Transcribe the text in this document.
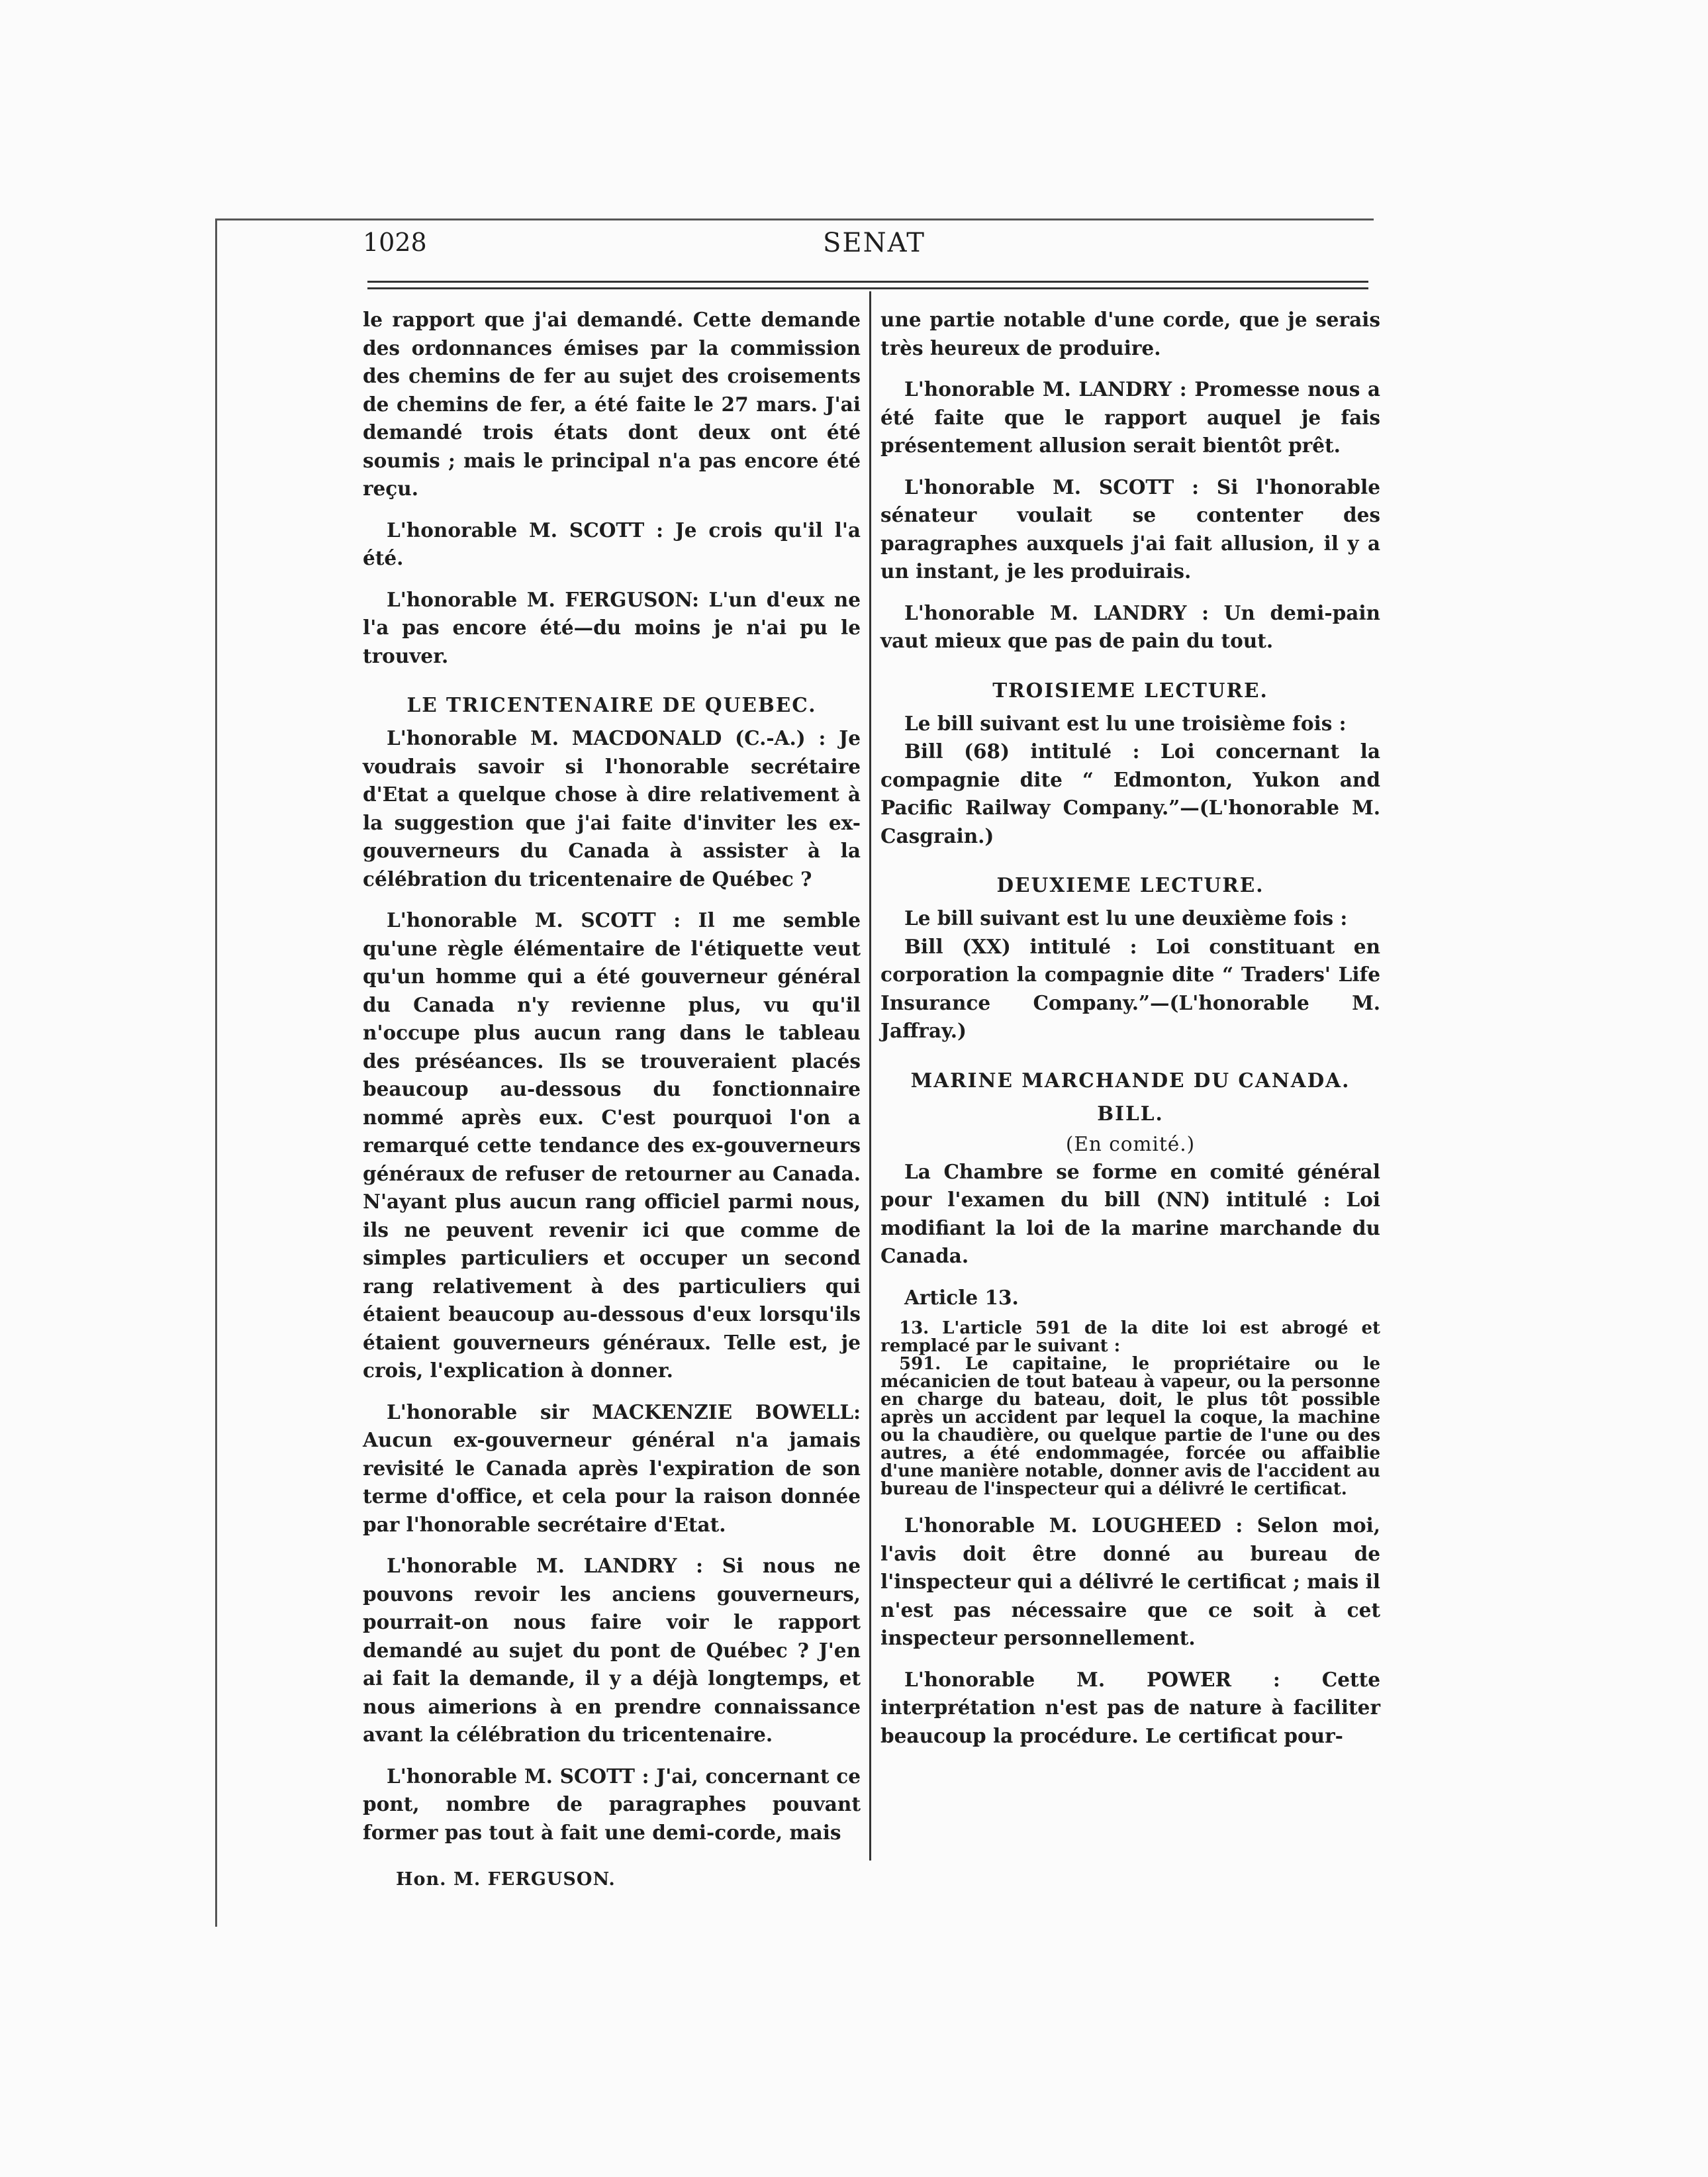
1028	SENAT

le rapport que j'ai demandé. Cette demande des ordonnances émises par la commission des chemins de fer au sujet des croisements de chemins de fer, a été faite le 27 mars. J'ai demandé trois états dont deux ont été soumis ; mais le principal n'a pas encore été reçu.

L'honorable M. SCOTT : Je crois qu'il l'a été.

L'honorable M. FERGUSON: L'un d'eux ne l'a pas encore été—du moins je n'ai pu le trouver.

LE TRICENTENAIRE DE QUEBEC.

L'honorable M. MACDONALD (C.-A.) : Je voudrais savoir si l'honorable secrétaire d'Etat a quelque chose à dire relativement à la suggestion que j'ai faite d'inviter les ex-gouverneurs du Canada à assister à la célébration du tricentenaire de Québec ?

L'honorable M. SCOTT : Il me semble qu'une règle élémentaire de l'étiquette veut qu'un homme qui a été gouverneur général du Canada n'y revienne plus, vu qu'il n'occupe plus aucun rang dans le tableau des préséances. Ils se trouveraient placés beaucoup au-dessous du fonctionnaire nommé après eux. C'est pourquoi l'on a remarqué cette tendance des ex-gouverneurs généraux de refuser de retourner au Canada. N'ayant plus aucun rang officiel parmi nous, ils ne peuvent revenir ici que comme de simples particuliers et occuper un second rang relativement à des particuliers qui étaient beaucoup au-dessous d'eux lorsqu'ils étaient gouverneurs généraux. Telle est, je crois, l'explication à donner.

L'honorable sir MACKENZIE BOWELL: Aucun ex-gouverneur général n'a jamais revisité le Canada après l'expiration de son terme d'office, et cela pour la raison donnée par l'honorable secrétaire d'Etat.

L'honorable M. LANDRY : Si nous ne pouvons revoir les anciens gouverneurs, pourrait-on nous faire voir le rapport demandé au sujet du pont de Québec ? J'en ai fait la demande, il y a déjà longtemps, et nous aimerions à en prendre connaissance avant la célébration du tricentenaire.

L'honorable M. SCOTT : J'ai, concernant ce pont, nombre de paragraphes pouvant former pas tout à fait une demi-corde, mais

une partie notable d'une corde, que je serais très heureux de produire.

L'honorable M. LANDRY : Promesse nous a été faite que le rapport auquel je fais présentement allusion serait bientôt prêt.

L'honorable M. SCOTT : Si l'honorable sénateur voulait se contenter des paragraphes auxquels j'ai fait allusion, il y a un instant, je les produirais.

L'honorable M. LANDRY : Un demi-pain vaut mieux que pas de pain du tout.

TROISIEME LECTURE.

Le bill suivant est lu une troisième fois :

Bill (68) intitulé : Loi concernant la compagnie dite “ Edmonton, Yukon and Pacific Railway Company.”—(L'honorable M. Casgrain.)

DEUXIEME LECTURE.

Le bill suivant est lu une deuxième fois :

Bill (XX) intitulé : Loi constituant en corporation la compagnie dite “ Traders' Life Insurance Company.”—(L'honorable M. Jaffray.)

MARINE MARCHANDE DU CANADA.
BILL.
(En comité.)

La Chambre se forme en comité général pour l'examen du bill (NN) intitulé : Loi modifiant la loi de la marine marchande du Canada.

Article 13.

13. L'article 591 de la dite loi est abrogé et remplacé par le suivant :

591. Le capitaine, le propriétaire ou le mécanicien de tout bateau à vapeur, ou la personne en charge du bateau, doit, le plus tôt possible après un accident par lequel la coque, la machine ou la chaudière, ou quelque partie de l'une ou des autres, a été endommagée, forcée ou affaiblie d'une manière notable, donner avis de l'accident au bureau de l'inspecteur qui a délivré le certificat.

L'honorable M. LOUGHEED : Selon moi, l'avis doit être donné au bureau de l'inspecteur qui a délivré le certificat ; mais il n'est pas nécessaire que ce soit à cet inspecteur personnellement.

L'honorable M. POWER : Cette interprétation n'est pas de nature à faciliter beaucoup la procédure. Le certificat pour-

Hon. M. FERGUSON.
